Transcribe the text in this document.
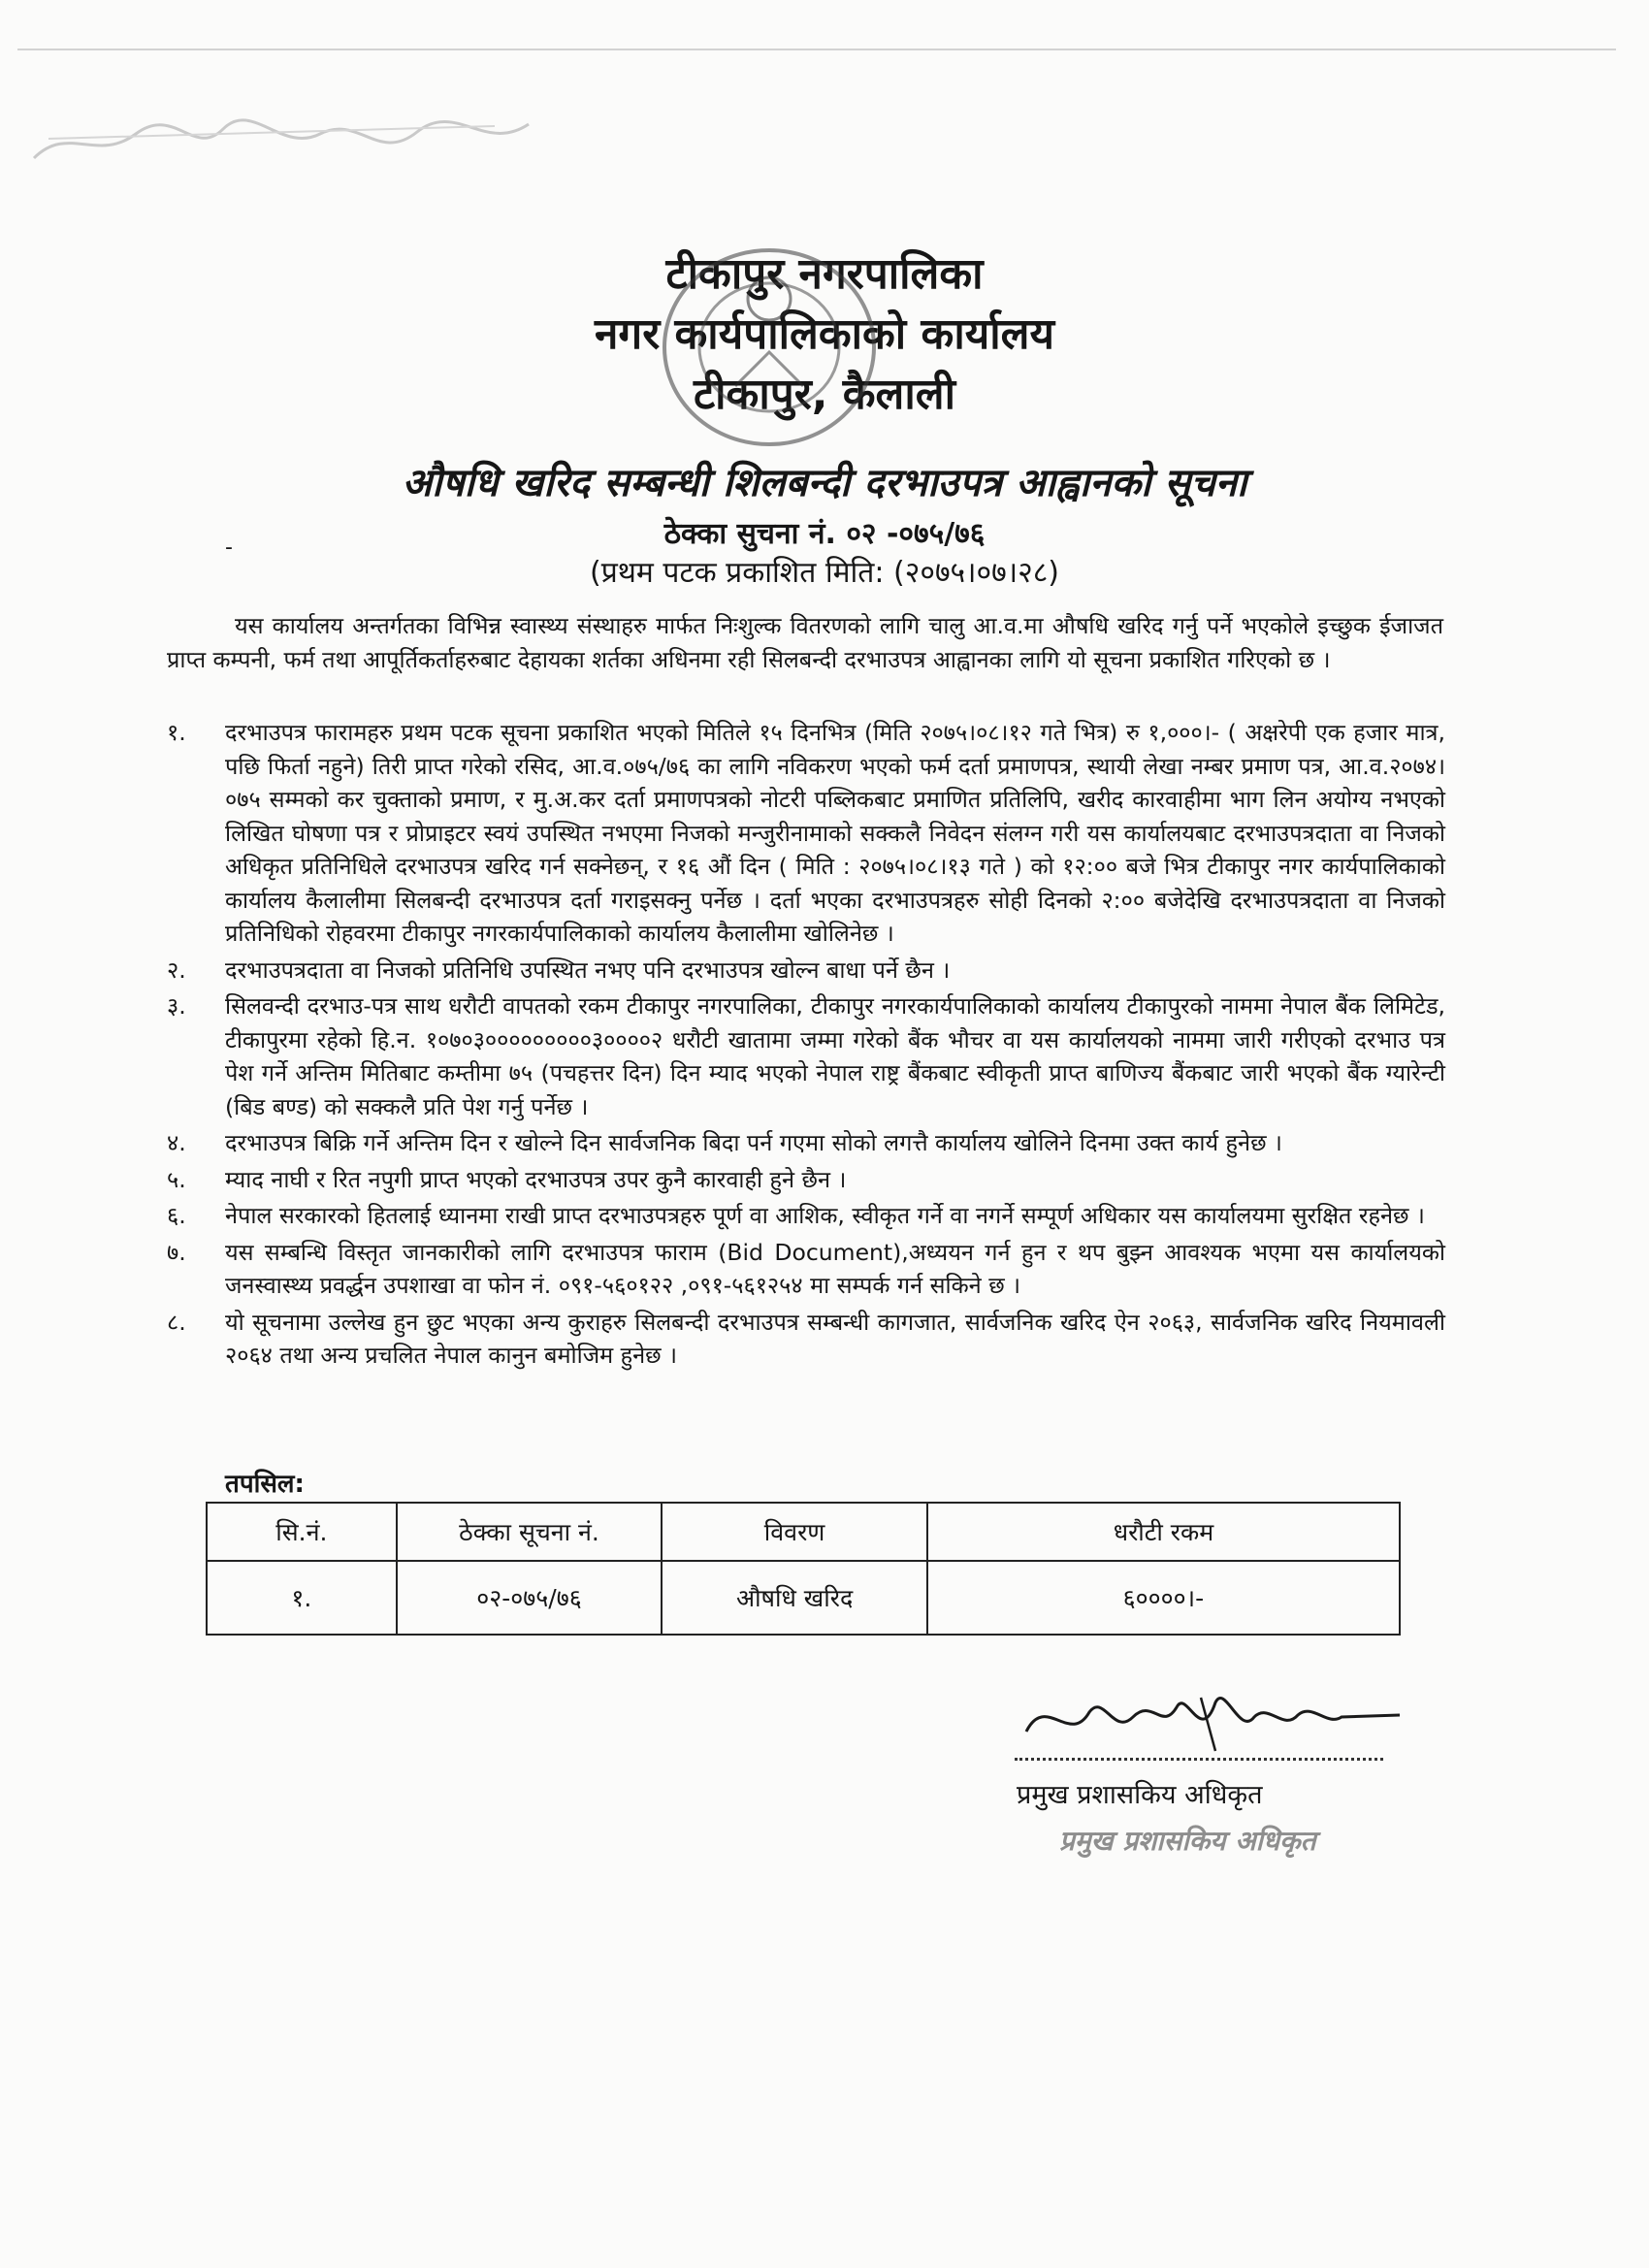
टीकापुर नगरपालिका
नगर कार्यपालिकाको कार्यालय
टीकापुर, कैलाली
औषधि खरिद सम्बन्धी शिलबन्दी दरभाउपत्र आह्वानको सूचना
ठेक्का सुचना नं. ०२ -०७५/७६
‐
(प्रथम पटक प्रकाशित मिति: (२०७५।०७।२८)
यस कार्यालय अन्तर्गतका विभिन्न स्वास्थ्य संस्थाहरु मार्फत निःशुल्क वितरणको लागि चालु आ.व.मा औषधि खरिद गर्नु पर्ने भएकोले इच्छुक ईजाजत प्राप्त कम्पनी, फर्म तथा आपूर्तिकर्ताहरुबाट देहायका शर्तका अधिनमा रही सिलबन्दी दरभाउपत्र आह्वानका लागि यो सूचना प्रकाशित गरिएको छ ।
१. दरभाउपत्र फारामहरु प्रथम पटक सूचना प्रकाशित भएको मितिले १५ दिनभित्र (मिति २०७५।०८।१२ गते भित्र) रु १,०००।- ( अक्षरेपी एक हजार मात्र, पछि फिर्ता नहुने) तिरी प्राप्त गरेको रसिद, आ.व.०७५/७६ का लागि नविकरण भएको फर्म दर्ता प्रमाणपत्र, स्थायी लेखा नम्बर प्रमाण पत्र, आ.व.२०७४।०७५ सम्मको कर चुक्ताको प्रमाण, र मु.अ.कर दर्ता प्रमाणपत्रको नोटरी पब्लिकबाट प्रमाणित प्रतिलिपि, खरीद कारवाहीमा भाग लिन अयोग्य नभएको लिखित घोषणा पत्र र प्रोप्राइटर स्वयं उपस्थित नभएमा निजको मन्जुरीनामाको सक्कलै निवेदन संलग्न गरी यस कार्यालयबाट दरभाउपत्रदाता वा निजको अधिकृत प्रतिनिधिले दरभाउपत्र खरिद गर्न सक्नेछन्, र १६ औं दिन ( मिति : २०७५।०८।१३ गते ) को १२:०० बजे भित्र टीकापुर नगर कार्यपालिकाको कार्यालय कैलालीमा सिलबन्दी दरभाउपत्र दर्ता गराइसक्नु पर्नेछ । दर्ता भएका दरभाउपत्रहरु सोही दिनको २:०० बजेदेखि दरभाउपत्रदाता वा निजको प्रतिनिधिको रोहवरमा टीकापुर नगरकार्यपालिकाको कार्यालय कैलालीमा खोलिनेछ ।
२. दरभाउपत्रदाता वा निजको प्रतिनिधि उपस्थित नभए पनि दरभाउपत्र खोल्न बाधा पर्ने छैन ।
३. सिलवन्दी दरभाउ-पत्र साथ धरौटी वापतको रकम टीकापुर नगरपालिका, टीकापुर नगरकार्यपालिकाको कार्यालय टीकापुरको नाममा नेपाल बैंक लिमिटेड, टीकापुरमा रहेको हि.न. १०७०३०००००००००३००००२ धरौटी खातामा जम्मा गरेको बैंक भौचर वा यस कार्यालयको नाममा जारी गरीएको दरभाउ पत्र पेश गर्ने अन्तिम मितिबाट कम्तीमा ७५ (पचहत्तर दिन) दिन म्याद भएको नेपाल राष्ट्र बैंकबाट स्वीकृती प्राप्त बाणिज्य बैंकबाट जारी भएको बैंक ग्यारेन्टी (बिड बण्ड) को सक्कलै प्रति पेश गर्नु पर्नेछ ।
४. दरभाउपत्र बिक्रि गर्ने अन्तिम दिन र खोल्ने दिन सार्वजनिक बिदा पर्न गएमा सोको लगत्तै कार्यालय खोलिने दिनमा उक्त कार्य हुनेछ ।
५. म्याद नाघी र रित नपुगी प्राप्त भएको दरभाउपत्र उपर कुनै कारवाही हुने छैन ।
६. नेपाल सरकारको हितलाई ध्यानमा राखी प्राप्त दरभाउपत्रहरु पूर्ण वा आशिक, स्वीकृत गर्ने वा नगर्ने सम्पूर्ण अधिकार यस कार्यालयमा सुरक्षित रहनेछ ।
७. यस सम्बन्धि विस्तृत जानकारीको लागि दरभाउपत्र फाराम (Bid Document),अध्ययन गर्न हुन र थप बुझ्न आवश्यक भएमा यस कार्यालयको जनस्वास्थ्य प्रवर्द्धन उपशाखा वा फोन नं. ०९१-५६०१२२ ,०९१-५६१२५४ मा सम्पर्क गर्न सकिने छ ।
८. यो सूचनामा उल्लेख हुन छुट भएका अन्य कुराहरु सिलबन्दी दरभाउपत्र सम्बन्धी कागजात, सार्वजनिक खरिद ऐन २०६३, सार्वजनिक खरिद नियमावली २०६४ तथा अन्य प्रचलित नेपाल कानुन बमोजिम हुनेछ ।
तपसिल:
सि.नं.	ठेक्का सूचना नं.	विवरण	धरौटी रकम
१.	०२-०७५/७६	औषधि खरिद	६००००।-
प्रमुख प्रशासकिय अधिकृत
प्रमुख प्रशासकिय अधिकृत
